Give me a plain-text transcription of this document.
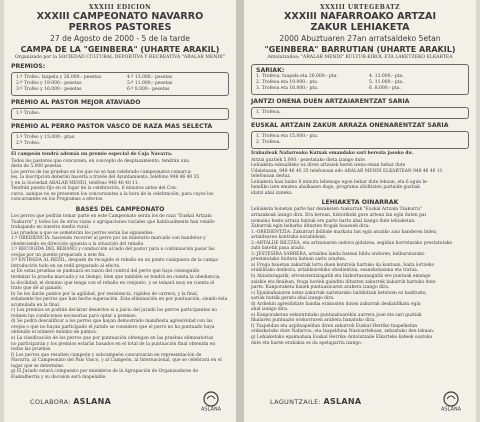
XXXIII EDICION
XXXIII CAMPEONATO NAVARRO
PERROS PASTORES
27 de Agosto de 2000 - 5 de la tarde
CAMPA DE LA "GEINBERA" (UHARTE ARAKIL)
Organizado por la SOCIEDAD CULTURAL DEPORTIVA Y RECREATIVA "ARALAR MENDI"
PREMIOS:
1.º Trofeo, txapela y 26.000.- pesetas
2.º Trofeo y 19.000.- pesetas
3.º Trofeo y 16.000.- pesetas
4.º 13.000.- pesetas
5.º 11.000.- pesetas
6.º 8.000.- pesetas
PREMIO AL PASTOR MEJOR ATAVIADO
1.º Trofeo.
PREMIO AL PERRO PASTOR VASCO DE RAZA MAS SELECTA
1.º Trofeo y 15.000.- ptas.
2.º Trofeo.
El campeón tendrá además un premio especial de Caja Navarra.
Todos los pastores que concursen, en concepto de desplazamiento, tendrán una
dieta de 5.000 pesetas.
Los perros de las pruebas en los que no se han celebrado campeonatos comarca-
les, la inscripción deberán hacerla a través del Ayuntamiento, teléfono 948 46 40 35
y en la Sociedad ARALAR MENDI, teléfono 948 46 40 11.
Tendrán puesto fijo en el lugar de la celebración, 6 minutos antes del Con-
curso, aunque no se presenten los concursantes a la hora de la celebración, para cuyos los
concursantes en los Programas a efectos.
BASES DEL CAMPEONATO
Los perros que podrán tomar parte en este Campeonato serán los de raza "Euskal Artzain
Txakurra" y todos los de otras razas o agrupaciones raciales que habitualmente han venido
trabajando en nuestro medio rural.
Las pruebas a que se someterán los perros serán las siguientes:
1.º OBEDIENCIA: haciendo recorrer al perro por un itinerario marcado con banderas y
obedeciendo en dirección opuesta a la situación del rebaño.
2.º RECOGIDA DEL REBAÑO y conducción al lado del pastor para a continuación pasar las
ovejas por un puente preparado a este fin.
3.º ENTRADA AL REDIL, después de recogido el rebaño en un punto cualquiera de la campa
introducirlo todo en un redil preparado al efecto.
a) En estas pruebas se puntuará en razón del control del perro que haya conseguido
terminar la prueba marcada y su tiempo, bien que también se tendrá en cuenta la obediencia,
la docilidad, el dominio que tenga con el rebaño en conjunto, y se tomará muy en cuenta el
trato que dé al ganado.
b) Se les darán puntos por la agilidad, por resistencia, rapidez de carrera, y la final,
solamente los perros que han hecho superación. Esta eliminación en por puntuación, siendo ésta
acumulada en la final.
c) Los premios se podrán declarar desiertos si a juicio del jurado los perros participantes no
reúnen las condiciones necesarias para optar a premios.
d) Se podrá descalificar a los perros que hayan demostrado manifiesta agresividad con las
ovejas o que no hayan participado el jurado se considere que el perro no ha puntuado haya
obtenido el número mínimo de puntos.
e) La clasificación de los perros que por puntuación obtengan en las pruebas eliminatorias
no participarán y los premios estarán basados en el total de la puntuación final obtenida en
todas las pruebas.
f) Los perros que resulten campeón y subcampeón concursarán en representación de
Navarra, al Campeonato del País Vasco, y al Campeón, al Internacional, que se celebrará en el
lugar que se determine.
g) El Jurado estará compuesto por miembros de la Agrupación de Organizadores de
Euskalherria y su decisión será inapelable.
COLABORA: ASLANA
ASLANA
XXXIII URTEGEBATZ
XXXIII NAFARROAKO ARTZAI
ZAKUR LEHIAKETA
2000 Abuztuaren 27an arratsaldeko 5etan
"GEINBERA" BARRUTIAN (UHARTE ARAKIL)
Antolatzailea: "ARALAR MENDI" KULTUR-KIROL ETA LAKETZEKO ELKARTEA
SARIAK:
1. Trofeoa, txapela eta 26.000.- pta.
2. Trofeoa eta 19.000.- pta.
3. Trofeoa eta 16.000.- pta.
4. 13.000.- pta.
5. 11.000.- pta.
6. 8.000.- pta.
JANTZI ONENA DUEN ARTZAIARENTZAT SARIA
1. Trofeoa.
EUSKAL ARTZAIN ZAKUR ARRAZA ONENARENTZAT SARIA
1. Trofeoa eta 15.000.- pta.
2. Trofeoa.
Irabazleak Nafarroako Kutxak emandako sari berezia jasoko du.
Artzai guztiek 5.000.- pezetatako dieta izango dute.
Lehiaketa eskualdeko ez diren artzaiek beren izena eman behar dute
Udaletxean, 948 46 40 35 telefonoan edo ARALAR MENDI ELKARTEAN 948 46 40 11
telefonoan deituz.
Lehiaketa hasi baino 6 minutu lehenago egon behar dute lekuan, eta 6 agun le-
hendiko izen ematea ahalkazen dugu, programa zibilitaten partaide guztiak
idatzi ahal izateko.
LEHIAKETA OINARRAK
Lehiaketa honetan parte har dezaketen txakurrak "Euskal Artzain Txakurra"
arrazakoak izango dira. Era berean, historikoki gure artean lan egin duten gai
nomaino beste arraza batzuk ere parte hartu ahal izango dute lehiaketan.
Zakurrak egin beharko dituzten frogak hauexek dira:
1.-OBEDIENTZIA: Zakurrari ibilbide markatu bat egin araziko zaio banderen bidez,
artaldearen kontrako norabidean.
2.-ARTALDE BILTZEA, eta artzainaren ondora gidatzea, segidan horretarako prestatutako
zubi batetik pasa araziz.
3.-JESTESIRA SARRERA, artaldea landa batean bildu ondoren, helburutarako
prestatutako itxitura batean sartu araztea.
a) Froga hauetan zakurrak lortu duen kontrola hartuko da kontuan, baita lortzeko
erabilitako denbora, artaldearekiko obedientzia, esanekotasuna eta tratua.
b) Abiaduragatik, erresistentziagatik eta bizkortasunagatik ere puntuak emango
zaizkie eta finalean, froga horiek gainditu dituzten zakurrek bakarrik hartuko dute
parte. Kanporaketa hauek puntuazioaren arabera izango dira.
c) Epaimahaiaren ustez zakurrak sarietarako baldintzak betetzen ez badituzte,
sariak hutsik geratu ahal izango dira.
d) Ardiekin agresibitate handia erakusten duten zakurrak deskalifikatu egin
ahal izango dira.
e) Kanporaketan eskuratutako puntuazioarekin aurrera joan eta sari guztiak
finalaren puntuazio orokorraren arabera banatuko dira.
f) Txapeldun eta azpitxapeldun diren zakurrek Euskal Herriko txapelketan
ordezkatuko dute Nafarroa, eta txapelduna Nazioartekoan, zehaztuko den lekuan.
g) Lehiaketako epaimahaia Euskal Herriko Antolatzaile Elkarteko kideek osatuko
dute eta haren erabakia ez da apelagarria izango.
LAGUNTZAILE: ASLANA
ASLANA
